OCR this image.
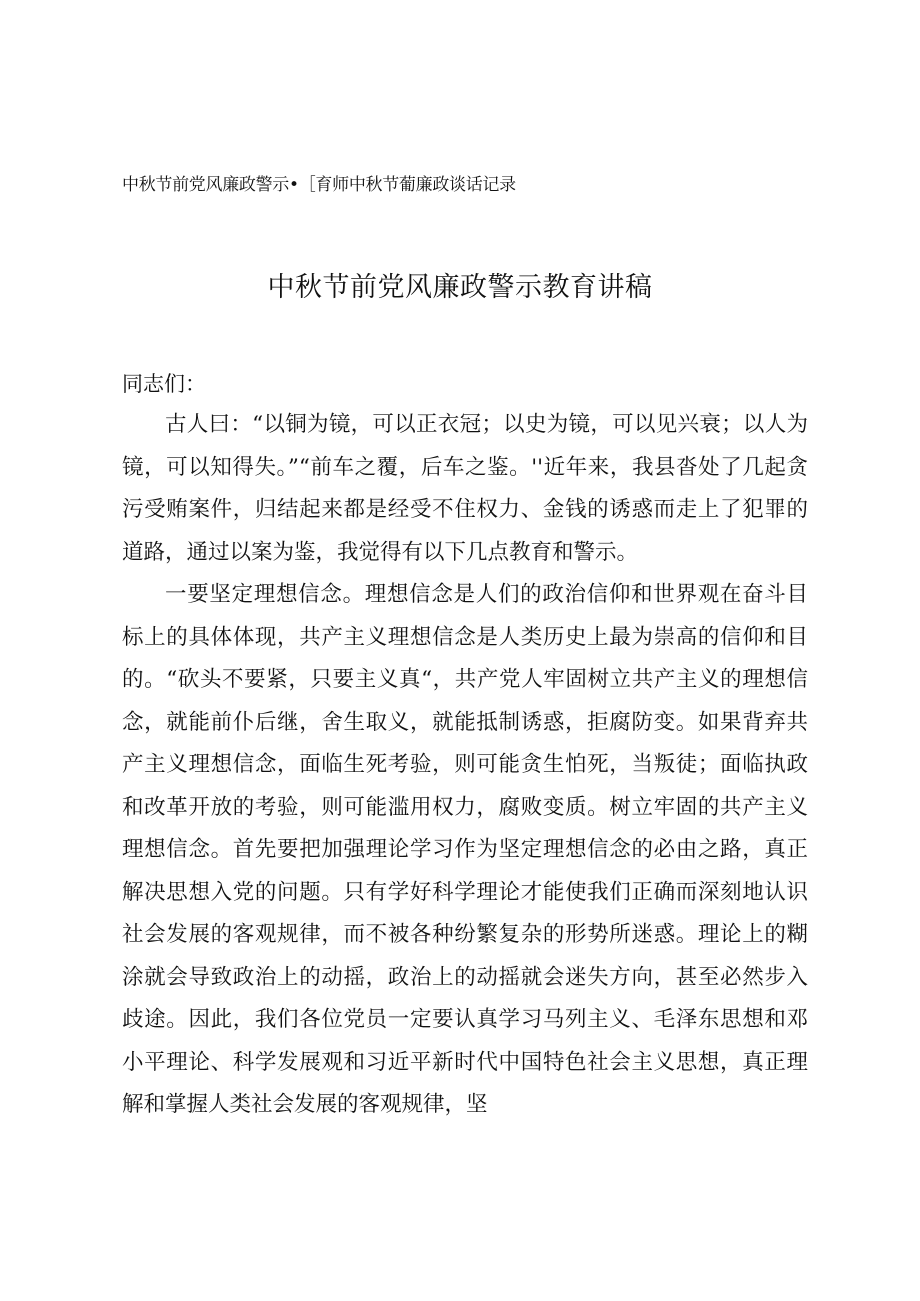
中秋节前党风廉政警示•［育师中秋节葡廉政谈话记录
中秋节前党风廉政警示教育讲稿
同志们：

古人曰：“以铜为镜，可以正衣冠；以史为镜，可以见兴衰；以人为镜，可以知得失。”“前车之覆，后车之鉴。''近年来，我县沓处了几起贪污受贿案件，归结起来都是经受不住权力、金钱的诱惑而走上了犯罪的道路，通过以案为鉴，我觉得有以下几点教育和警示。

一要坚定理想信念。理想信念是人们的政治信仰和世界观在奋斗目标上的具体体现，共产主义理想信念是人类历史上最为崇高的信仰和目的。“砍头不要紧，只要主义真“，共产党人牢固树立共产主义的理想信念，就能前仆后继，舍生取义，就能抵制诱惑，拒腐防变。如果背弃共产主义理想信念，面临生死考验，则可能贪生怕死，当叛徒；面临执政和改革开放的考验，则可能滥用权力，腐败变质。树立牢固的共产主义理想信念。首先要把加强理论学习作为坚定理想信念的必由之路，真正解决思想入党的问题。只有学好科学理论才能使我们正确而深刻地认识社会发展的客观规律，而不被各种纷繁复杂的形势所迷惑。理论上的糊涂就会导致政治上的动摇，政治上的动摇就会迷失方向，甚至必然步入歧途。因此，我们各位党员一定要认真学习马列主义、毛泽东思想和邓小平理论、科学发展观和习近平新时代中国特色社会主义思想，真正理解和掌握人类社会发展的客观规律，坚
